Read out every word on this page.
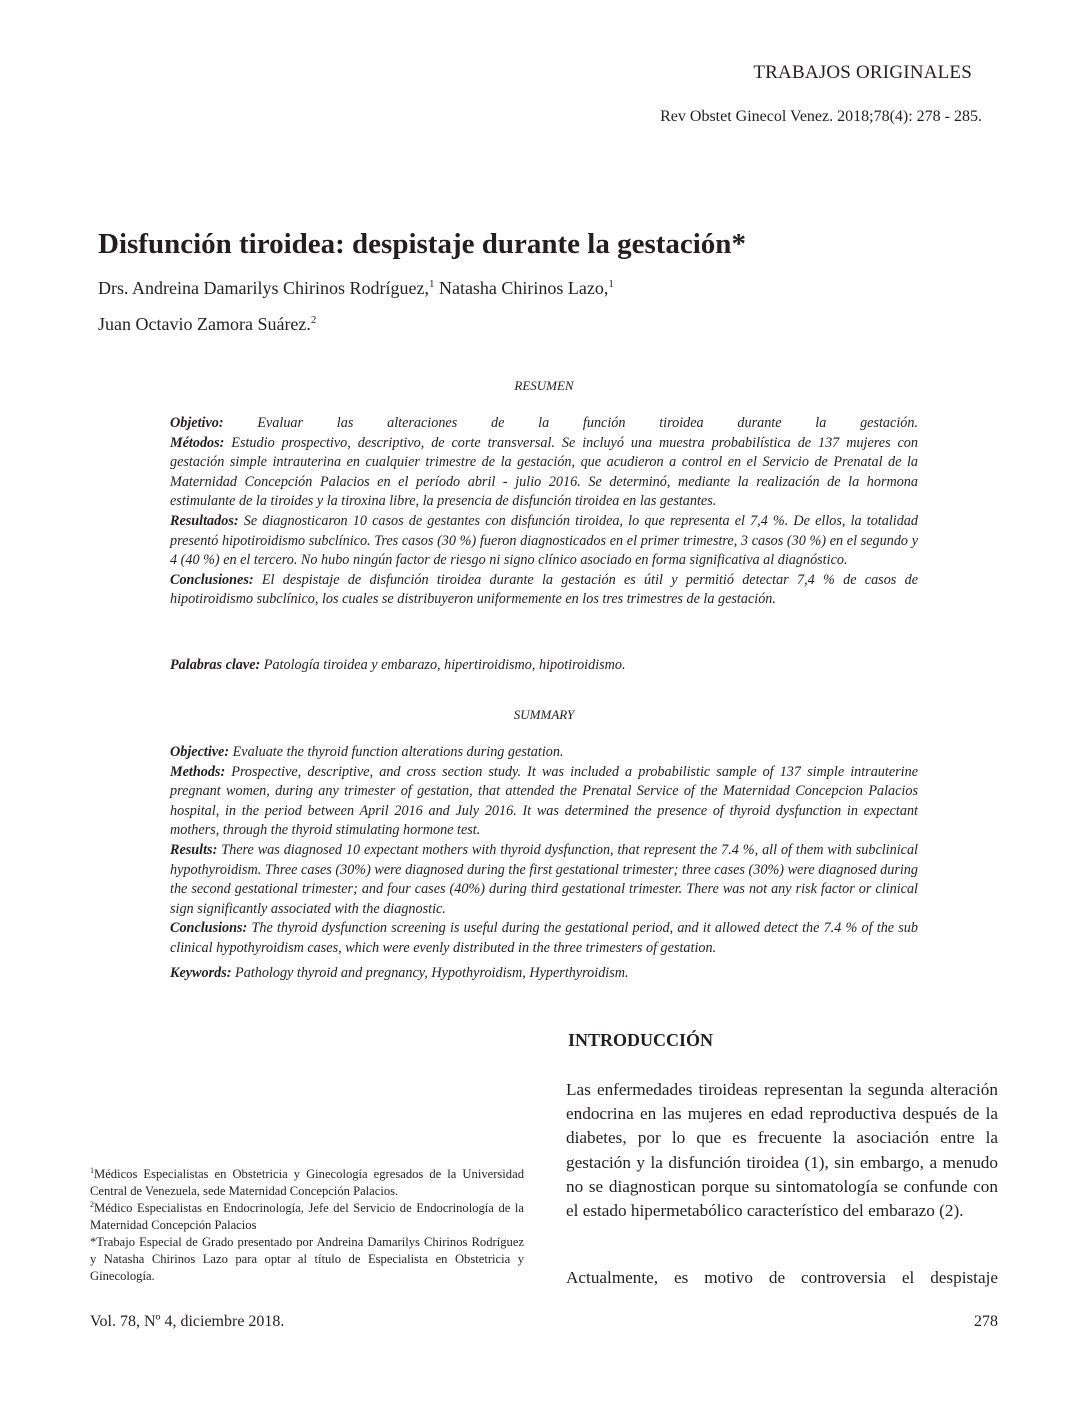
TRABAJOS ORIGINALES
Rev Obstet Ginecol Venez. 2018;78(4): 278 - 285.
Disfunción tiroidea: despistaje durante la gestación*
Drs. Andreina Damarilys Chirinos Rodríguez,$^1$ Natasha Chirinos Lazo,$^1$
Juan Octavio Zamora Suárez.$^2$
RESUMEN

Objetivo: Evaluar las alteraciones de la función tiroidea durante la gestación.

Métodos: Estudio prospectivo, descriptivo, de corte transversal. Se incluyó una muestra probabilística de 137 mujeres con gestación simple intrauterina en cualquier trimestre de la gestación, que acudieron a control en el Servicio de Prenatal de la Maternidad Concepción Palacios en el período abril - julio 2016. Se determinó, mediante la realización de la hormona estimulante de la tiroides y la tiroxina libre, la presencia de disfunción tiroidea en las gestantes.

Resultados: Se diagnosticaron 10 casos de gestantes con disfunción tiroidea, lo que representa el 7,4 %. De ellos, la totalidad presentó hipotiroidismo subclínico. Tres casos (30 %) fueron diagnosticados en el primer trimestre, 3 casos (30 %) en el segundo y 4 (40 %) en el tercero. No hubo ningún factor de riesgo ni signo clínico asociado en forma significativa al diagnóstico.

Conclusiones: El despistaje de disfunción tiroidea durante la gestación es útil y permitió detectar 7,4 % de casos de hipotiroidismo subclínico, los cuales se distribuyeron uniformemente en los tres trimestres de la gestación.

Palabras clave: Patología tiroidea y embarazo, hipertiroidismo, hipotiroidismo.

SUMMARY

Objective: Evaluate the thyroid function alterations during gestation.

Methods: Prospective, descriptive, and cross section study. It was included a probabilistic sample of 137 simple intrauterine pregnant women, during any trimester of gestation, that attended the Prenatal Service of the Maternidad Concepcion Palacios hospital, in the period between April 2016 and July 2016. It was determined the presence of thyroid dysfunction in expectant mothers, through the thyroid stimulating hormone test.

Results: There was diagnosed 10 expectant mothers with thyroid dysfunction, that represent the 7.4 %, all of them with subclinical hypothyroidism. Three cases (30%) were diagnosed during the first gestational trimester; three cases (30%) were diagnosed during the second gestational trimester; and four cases (40%) during third gestational trimester. There was not any risk factor or clinical sign significantly associated with the diagnostic.

Conclusions: The thyroid dysfunction screening is useful during the gestational period, and it allowed detect the 7.4 % of the sub clinical hypothyroidism cases, which were evenly distributed in the three trimesters of gestation.

Keywords: Pathology thyroid and pregnancy, Hypothyroidism, Hyperthyroidism.

INTRODUCCIÓN

Las enfermedades tiroideas representan la segunda alteración endocrina en las mujeres en edad reproductiva después de la diabetes, por lo que es frecuente la asociación entre la gestación y la disfunción tiroidea (1), sin embargo, a menudo no se diagnostican porque su sintomatología se confunde con el estado hipermetabólico característico del embarazo (2).

Actualmente, es motivo de controversia el despistaje

$^1$Médicos Especialistas en Obstetricia y Ginecología egresados de la Universidad Central de Venezuela, sede Maternidad Concepción Palacios.

$^2$Médico Especialistas en Endocrinología, Jefe del Servicio de Endocrinología de la Maternidad Concepción Palacios

*Trabajo Especial de Grado presentado por Andreina Damarilys Chirinos Rodríguez y Natasha Chirinos Lazo para optar al título de Especialista en Obstetricia y Ginecología.

Vol. 78, Nº 4, diciembre 2018.	278
